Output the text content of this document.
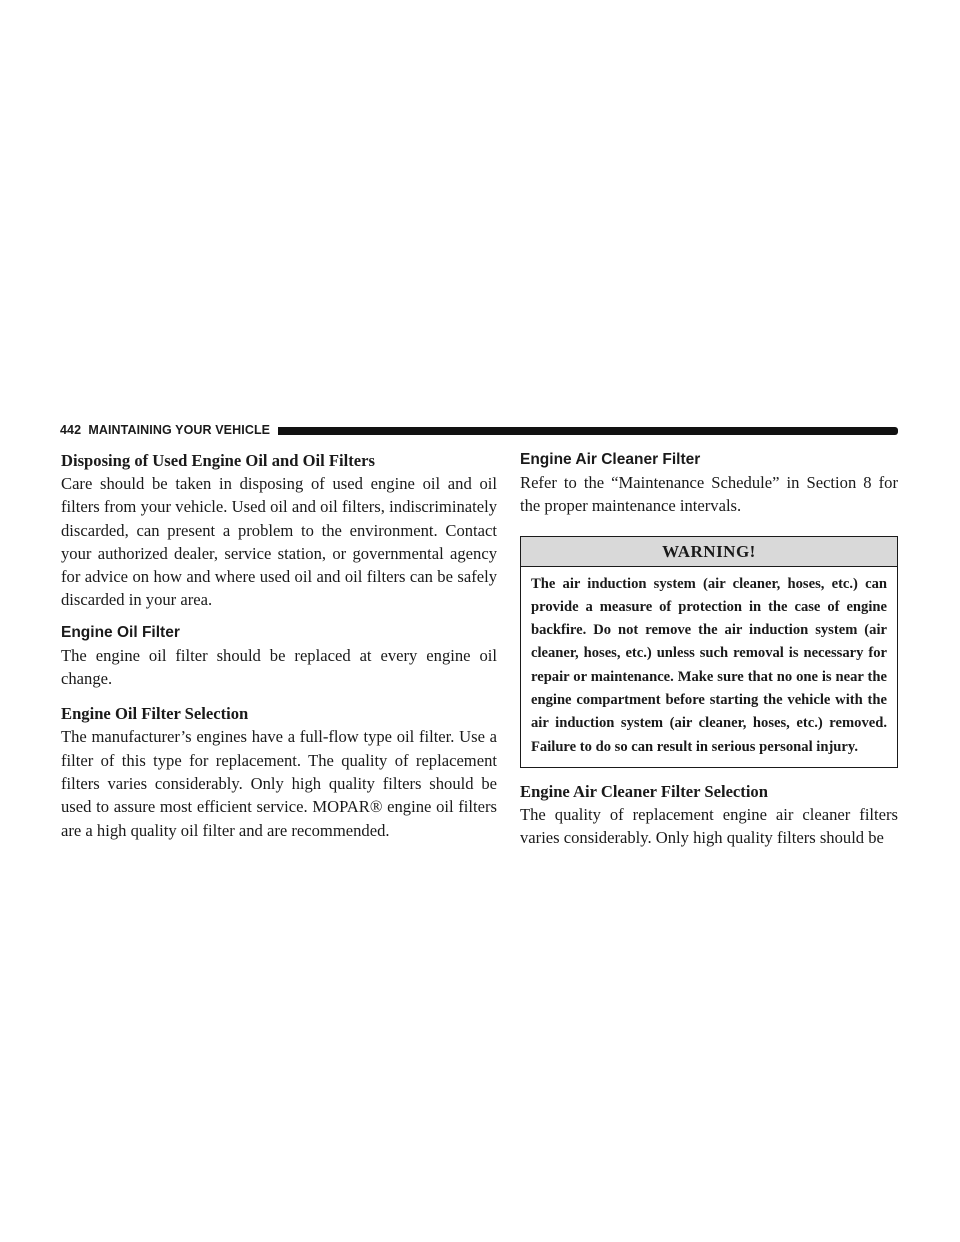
442 MAINTAINING YOUR VEHICLE
Disposing of Used Engine Oil and Oil Filters

Care should be taken in disposing of used engine oil and oil filters from your vehicle. Used oil and oil filters, indiscriminately discarded, can present a problem to the environment. Contact your authorized dealer, service station, or governmental agency for advice on how and where used oil and oil filters can be safely discarded in your area.

Engine Oil Filter

The engine oil filter should be replaced at every engine oil change.

Engine Oil Filter Selection

The manufacturer’s engines have a full-flow type oil filter. Use a filter of this type for replacement. The quality of replacement filters varies considerably. Only high quality filters should be used to assure most efficient service. MOPAR® engine oil filters are a high quality oil filter and are recommended.

Engine Air Cleaner Filter

Refer to the “Maintenance Schedule” in Section 8 for the proper maintenance intervals.

WARNING!
The air induction system (air cleaner, hoses, etc.) can provide a measure of protection in the case of engine backfire. Do not remove the air induction system (air cleaner, hoses, etc.) unless such removal is necessary for repair or maintenance. Make sure that no one is near the engine compartment before starting the vehicle with the air induction system (air cleaner, hoses, etc.) removed. Failure to do so can result in serious personal injury.
Engine Air Cleaner Filter Selection

The quality of replacement engine air cleaner filters varies considerably. Only high quality filters should be
